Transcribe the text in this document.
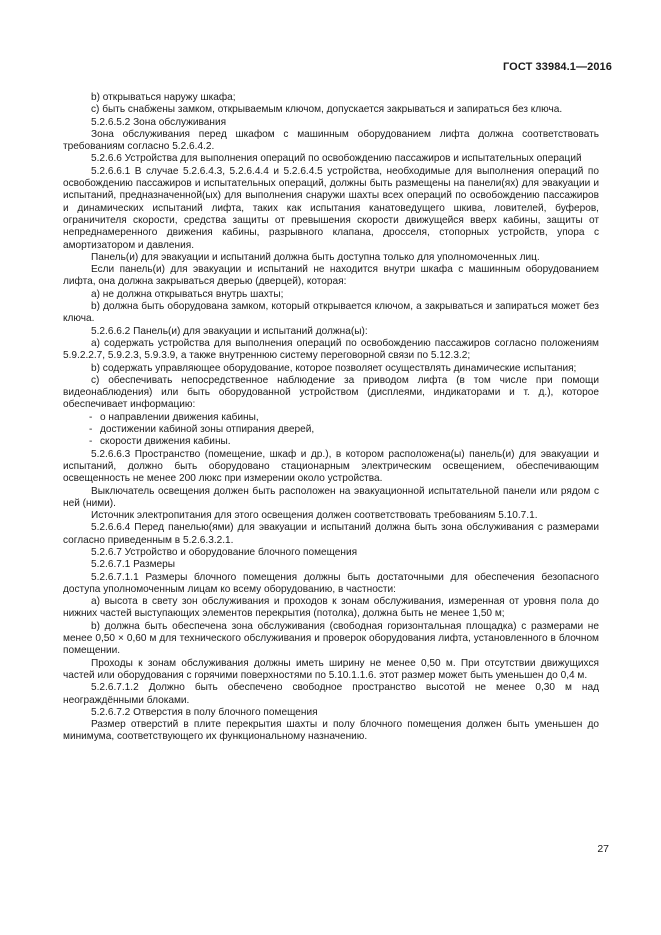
ГОСТ 33984.1—2016

b) открываться наружу шкафа;

c) быть снабжены замком, открываемым ключом, допускается закрываться и запираться без ключа.

5.2.6.5.2 Зона обслуживания

Зона обслуживания перед шкафом с машинным оборудованием лифта должна соответствовать требованиям согласно 5.2.6.4.2.

5.2.6.6 Устройства для выполнения операций по освобождению пассажиров и испытательных операций

5.2.6.6.1 В случае 5.2.6.4.3, 5.2.6.4.4 и 5.2.6.4.5 устройства, необходимые для выполнения операций по освобождению пассажиров и испытательных операций, должны быть размещены на панели(ях) для эвакуации и испытаний, предназначенной(ых) для выполнения снаружи шахты всех операций по освобождению пассажиров и динамических испытаний лифта, таких как испытания канатоведущего шкива, ловителей, буферов, ограничителя скорости, средства защиты от превышения скорости движущейся вверх кабины, защиты от непреднамеренного движения кабины, разрывного клапана, дросселя, стопорных устройств, упора с амортизатором и давления.

Панель(и) для эвакуации и испытаний должна быть доступна только для уполномоченных лиц.

Если панель(и) для эвакуации и испытаний не находится внутри шкафа с машинным оборудованием лифта, она должна закрываться дверью (дверцей), которая:

a) не должна открываться внутрь шахты;

b) должна быть оборудована замком, который открывается ключом, а закрываться и запираться может без ключа.

5.2.6.6.2 Панель(и) для эвакуации и испытаний должна(ы):

a) содержать устройства для выполнения операций по освобождению пассажиров согласно положениям 5.9.2.2.7, 5.9.2.3, 5.9.3.9, а также внутреннюю систему переговорной связи по 5.12.3.2;

b) содержать управляющее оборудование, которое позволяет осуществлять динамические испытания;

c) обеспечивать непосредственное наблюдение за приводом лифта (в том числе при помощи видеонаблюдения) или быть оборудованной устройством (дисплеями, индикаторами и т. д.), которое обеспечивает информацию:

- о направлении движения кабины,

- достижении кабиной зоны отпирания дверей,

- скорости движения кабины.

5.2.6.6.3 Пространство (помещение, шкаф и др.), в котором расположена(ы) панель(и) для эвакуации и испытаний, должно быть оборудовано стационарным электрическим освещением, обеспечивающим освещенность не менее 200 люкс при измерении около устройства.

Выключатель освещения должен быть расположен на эвакуационной испытательной панели или рядом с ней (ними).

Источник электропитания для этого освещения должен соответствовать требованиям 5.10.7.1.

5.2.6.6.4 Перед панелью(ями) для эвакуации и испытаний должна быть зона обслуживания с размерами согласно приведенным в 5.2.6.3.2.1.

5.2.6.7 Устройство и оборудование блочного помещения

5.2.6.7.1 Размеры

5.2.6.7.1.1 Размеры блочного помещения должны быть достаточными для обеспечения безопасного доступа уполномоченным лицам ко всему оборудованию, в частности:

a) высота в свету зон обслуживания и проходов к зонам обслуживания, измеренная от уровня пола до нижних частей выступающих элементов перекрытия (потолка), должна быть не менее 1,50 м;

b) должна быть обеспечена зона обслуживания (свободная горизонтальная площадка) с размерами не менее 0,50 × 0,60 м для технического обслуживания и проверок оборудования лифта, установленного в блочном помещении.

Проходы к зонам обслуживания должны иметь ширину не менее 0,50 м. При отсутствии движущихся частей или оборудования с горячими поверхностями по 5.10.1.1.6. этот размер может быть уменьшен до 0,4 м.

5.2.6.7.1.2 Должно быть обеспечено свободное пространство высотой не менее 0,30 м над неограждёнными блоками.

5.2.6.7.2 Отверстия в полу блочного помещения

Размер отверстий в плите перекрытия шахты и полу блочного помещения должен быть уменьшен до минимума, соответствующего их функциональному назначению.

27
